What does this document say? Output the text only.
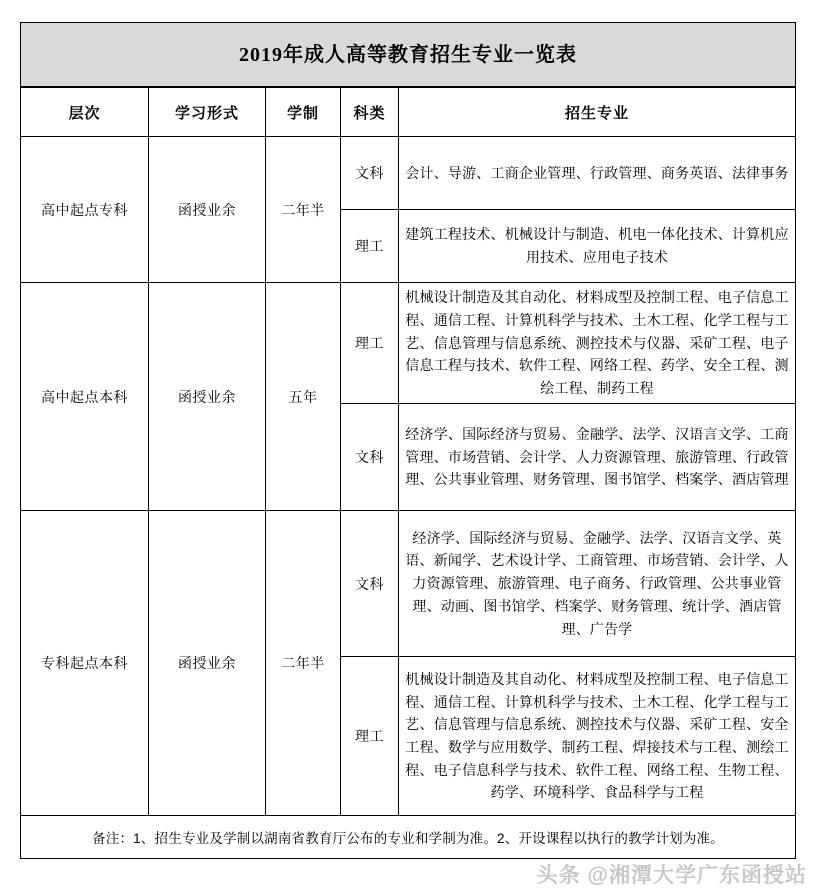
2019年成人高等教育招生专业一览表				
层次	学习形式	学制	科类	招生专业
高中起点专科	函授业余	二年半	文科	会计、导游、工商企业管理、行政管理、商务英语、法律事务

			理工	建筑工程技术、机械设计与制造、机电一体化技术、计算机应用技术、应用电子技术

高中起点本科	函授业余	五年	理工	机械设计制造及其自动化、材料成型及控制工程、电子信息工程、通信工程、计算机科学与技术、土木工程、化学工程与工艺、信息管理与信息系统、测控技术与仪器、采矿工程、电子信息工程与技术、软件工程、网络工程、药学、安全工程、测绘工程、制药工程

			文科	经济学、国际经济与贸易、金融学、法学、汉语言文学、工商管理、市场营销、会计学、人力资源管理、旅游管理、行政管理、公共事业管理、财务管理、图书馆学、档案学、酒店管理

专科起点本科	函授业余	二年半	文科	经济学、国际经济与贸易、金融学、法学、汉语言文学、英语、新闻学、艺术设计学、工商管理、市场营销、会计学、人力资源管理、旅游管理、电子商务、行政管理、公共事业管理、动画、图书馆学、档案学、财务管理、统计学、酒店管理、广告学

			理工	机械设计制造及其自动化、材料成型及控制工程、电子信息工程、通信工程、计算机科学与技术、土木工程、化学工程与工艺、信息管理与信息系统、测控技术与仪器、采矿工程、安全工程、数学与应用数学、制药工程、焊接技术与工程、测绘工程、电子信息科学与技术、软件工程、网络工程、生物工程、药学、环境科学、食品科学与工程

备注：1、招生专业及学制以湖南省教育厅公布的专业和学制为准。2、开设课程以执行的教学计划为准。				
头条 @湘潭大学广东函授站
